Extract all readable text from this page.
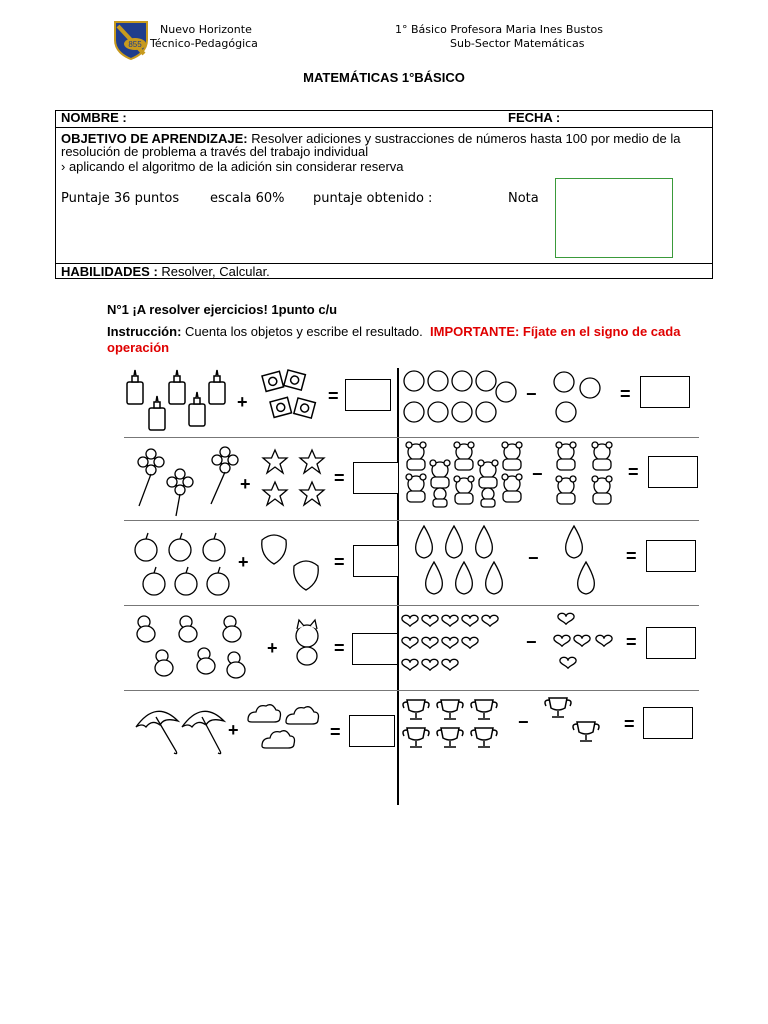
855
Nuevo Horizonte
Técnico-Pedagógica
1° Básico Profesora Maria Ines Bustos
Sub-Sector Matemáticas
MATEMÁTICAS 1°BÁSICO
NOMBRE :	FECHA :
OBJETIVO DE APRENDIZAJE: Resolver adiciones y sustracciones de números hasta 100 por medio de la resolución de problema a través del trabajo individual
› aplicando el algoritmo de la adición sin considerar reserva
Puntaje 36 puntos escala 60% puntaje obtenido :	Nota
HABILIDADES : Resolver, Calcular.
N°1 ¡A resolver ejercicios! 1punto c/u
Instrucción: Cuenta los objetos y escribe el resultado. IMPORTANTE: Fíjate en el signo de cada operación
+	=	−	=
+	=	−	=
+	=	−	=
+	=	−	=
+	=	−	=
